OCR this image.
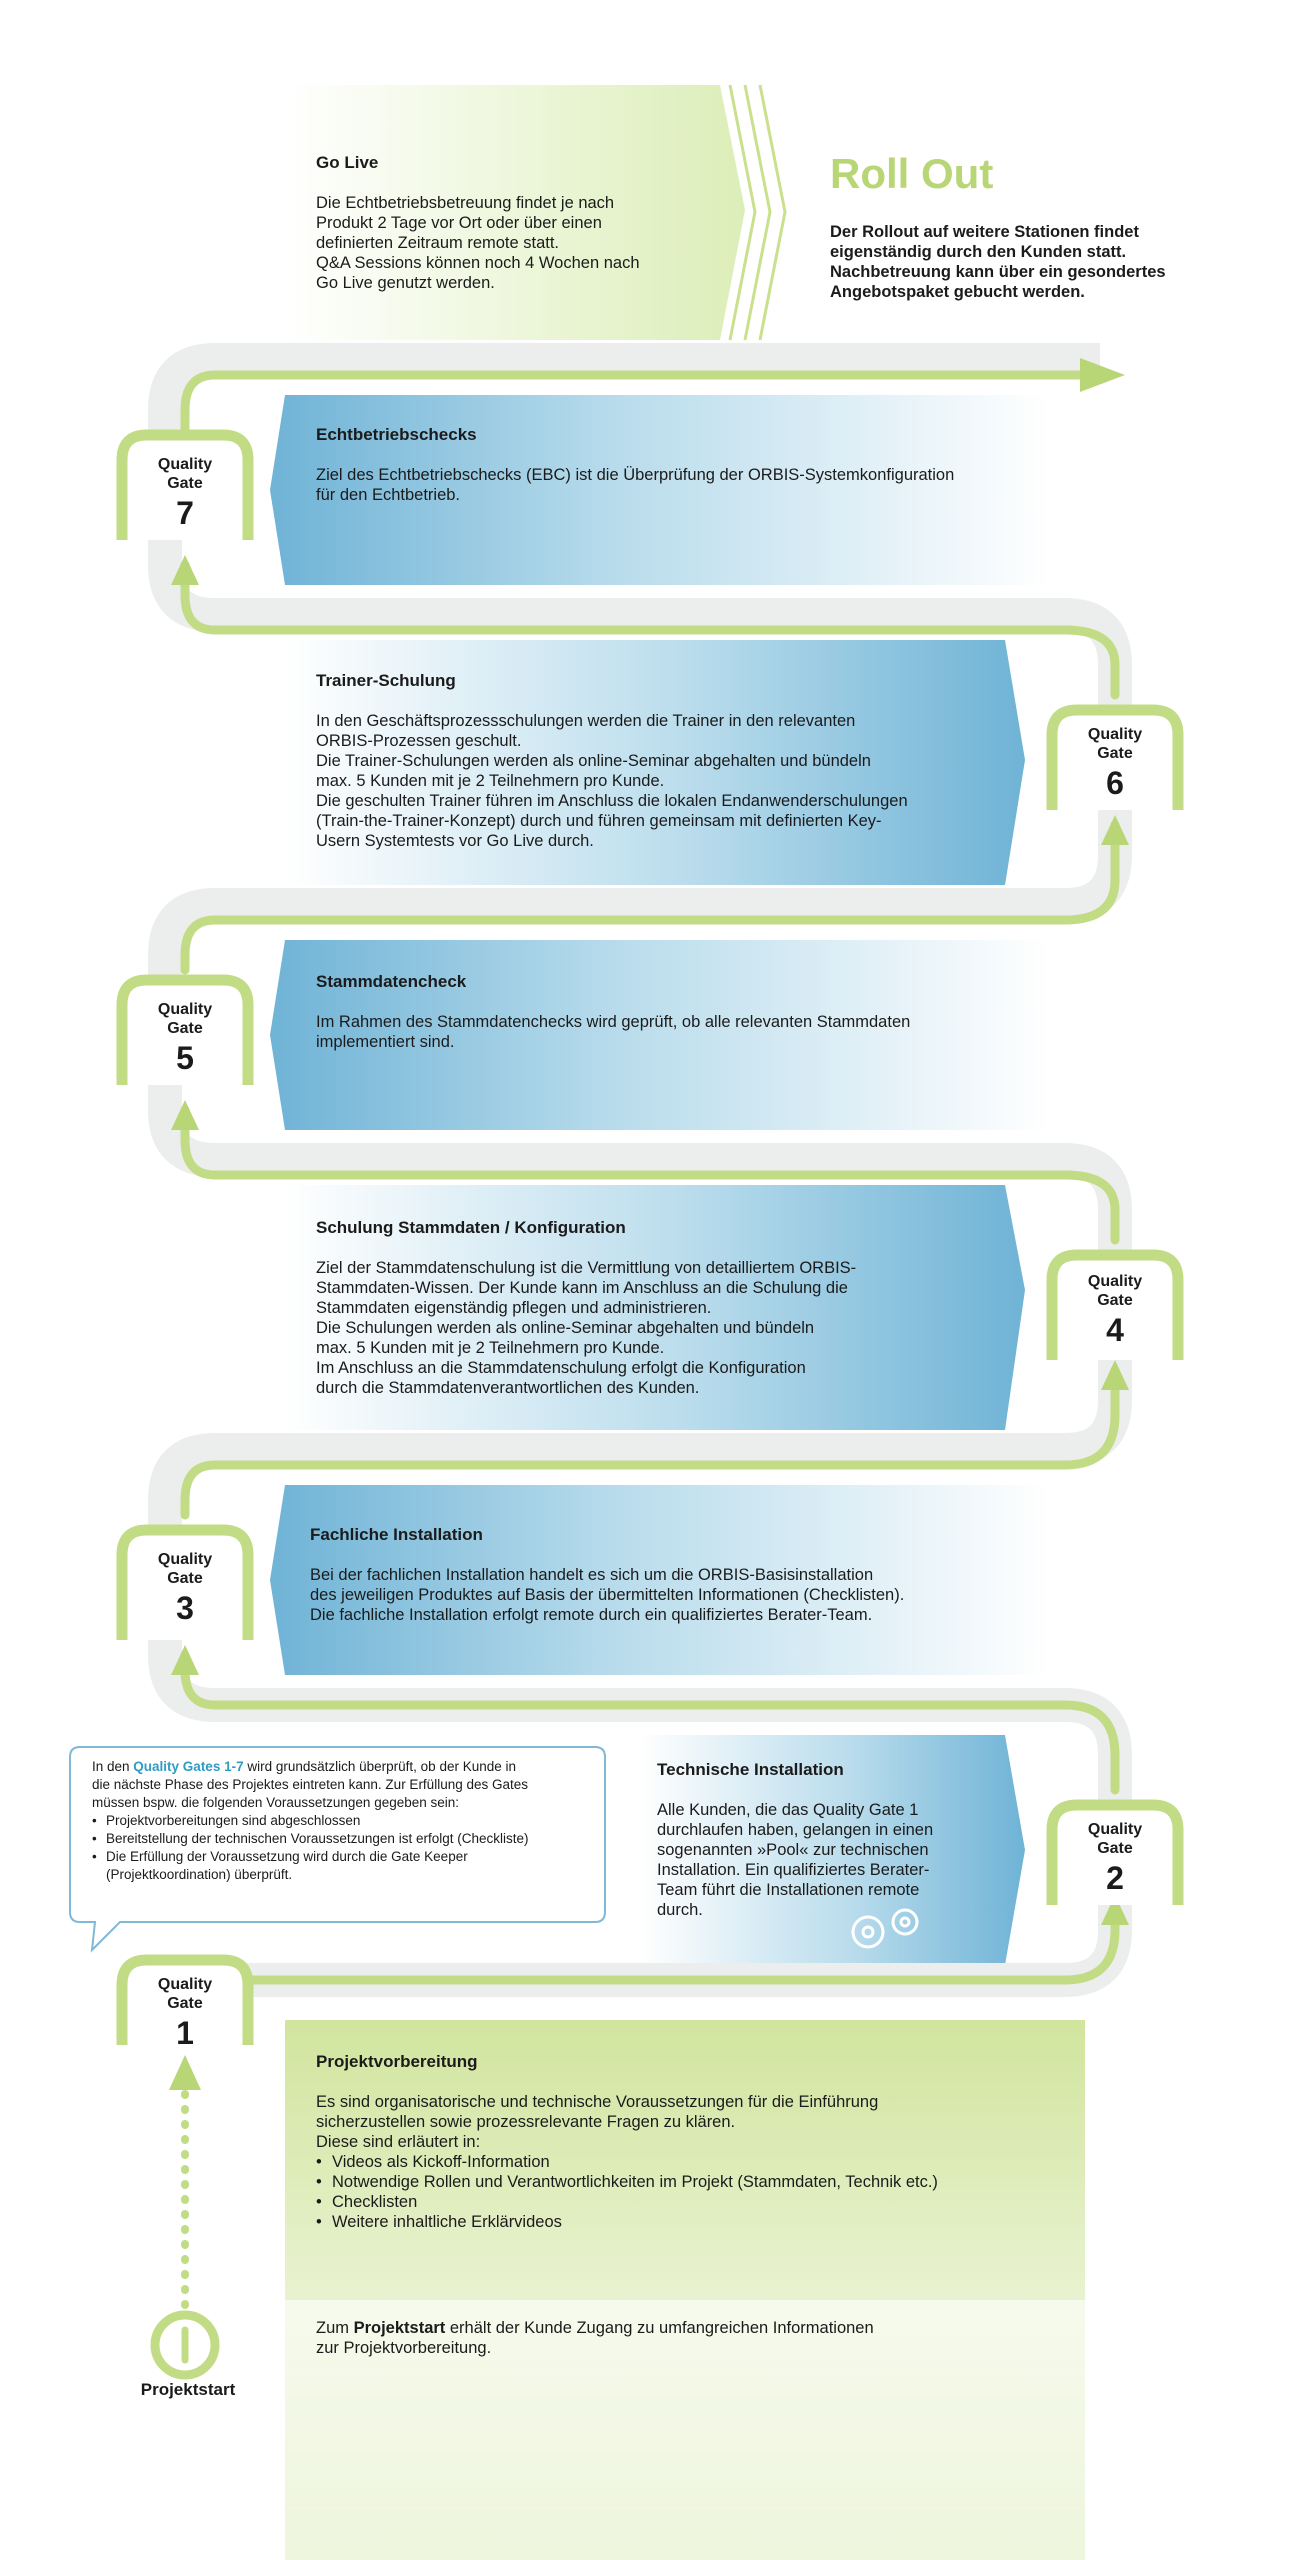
Roll Out
Der Rollout auf weitere Stationen findet
eigenständig durch den Kunden statt.
Nachbetreuung kann über ein gesondertes
Angebotspaket gebucht werden.
Go Live
Die Echtbetriebsbetreuung findet je nach
Produkt 2 Tage vor Ort oder über einen
definierten Zeitraum remote statt.
Q&A Sessions können noch 4 Wochen nach
Go Live genutzt werden.
Echtbetriebschecks
Ziel des Echtbetriebschecks (EBC) ist die Überprüfung der ORBIS-Systemkonfiguration
für den Echtbetrieb.
Trainer-Schulung
In den Geschäftsprozessschulungen werden die Trainer in den relevanten
ORBIS-Prozessen geschult.
Die Trainer-Schulungen werden als online-Seminar abgehalten und bündeln
max. 5 Kunden mit je 2 Teilnehmern pro Kunde.
Die geschulten Trainer führen im Anschluss die lokalen Endanwenderschulungen
(Train-the-Trainer-Konzept) durch und führen gemeinsam mit definierten Key-
Usern Systemtests vor Go Live durch.
Stammdatencheck
Im Rahmen des Stammdatenchecks wird geprüft, ob alle relevanten Stammdaten
implementiert sind.
Schulung Stammdaten / Konfiguration
Ziel der Stammdatenschulung ist die Vermittlung von detailliertem ORBIS-
Stammdaten-Wissen. Der Kunde kann im Anschluss an die Schulung die
Stammdaten eigenständig pflegen und administrieren.
Die Schulungen werden als online-Seminar abgehalten und bündeln
max. 5 Kunden mit je 2 Teilnehmern pro Kunde.
Im Anschluss an die Stammdatenschulung erfolgt die Konfiguration
durch die Stammdatenverantwortlichen des Kunden.
Fachliche Installation
Bei der fachlichen Installation handelt es sich um die ORBIS-Basisinstallation
des jeweiligen Produktes auf Basis der übermittelten Informationen (Checklisten).
Die fachliche Installation erfolgt remote durch ein qualifiziertes Berater-Team.
Technische Installation
Alle Kunden, die das Quality Gate 1
durchlaufen haben, gelangen in einen
sogenannten »Pool« zur technischen
Installation. Ein qualifiziertes Berater-
Team führt die Installationen remote
durch.
Projektvorbereitung
Es sind organisatorische und technische Voraussetzungen für die Einführung
sicherzustellen sowie prozessrelevante Fragen zu klären.
Diese sind erläutert in:
• Videos als Kickoff-Information
• Notwendige Rollen und Verantwortlichkeiten im Projekt (Stammdaten, Technik etc.)
• Checklisten
• Weitere inhaltliche Erklärvideos
Zum Projektstart erhält der Kunde Zugang zu umfangreichen Informationen
zur Projektvorbereitung.
In den Quality Gates 1-7 wird grundsätzlich überprüft, ob der Kunde in
die nächste Phase des Projektes eintreten kann. Zur Erfüllung des Gates
müssen bspw. die folgenden Voraussetzungen gegeben sein:
• Projektvorbereitungen sind abgeschlossen
• Bereitstellung der technischen Voraussetzungen ist erfolgt (Checkliste)
• Die Erfüllung der Voraussetzung wird durch die Gate Keeper
(Projektkoordination) überprüft.
Quality
Gate
1
Quality
Gate
2
Quality
Gate
3
Quality
Gate
4
Quality
Gate
5
Quality
Gate
6
Quality
Gate
7
Projektstart
